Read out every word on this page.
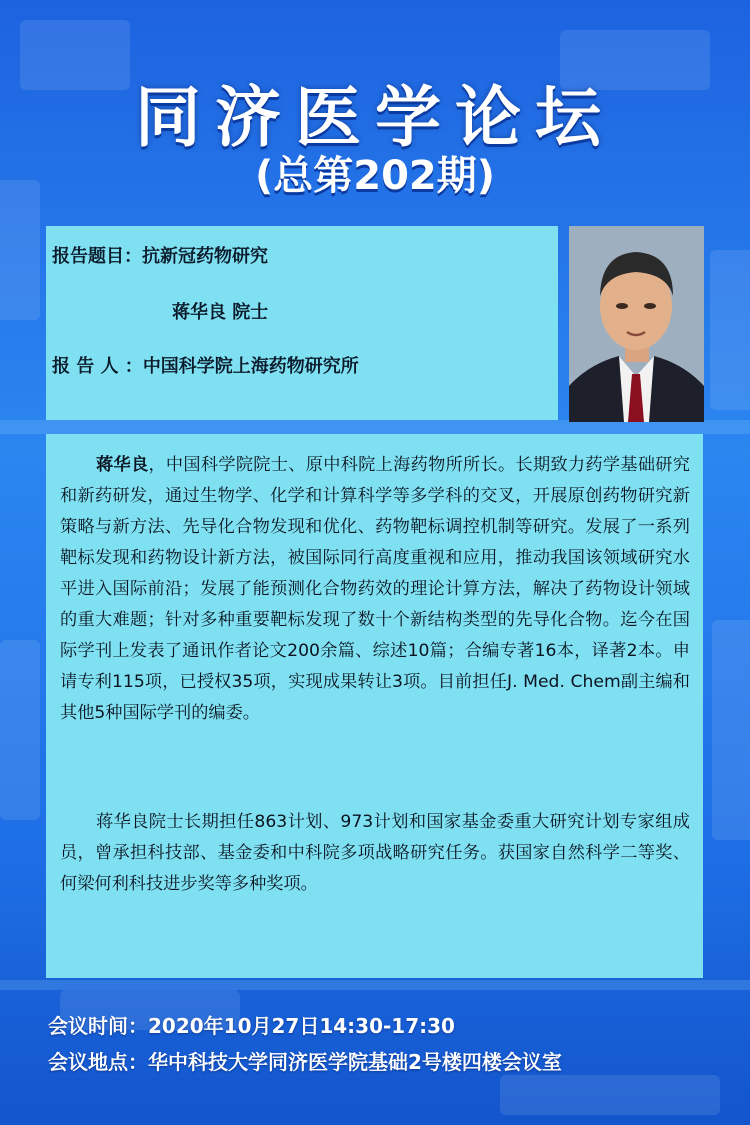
同济医学论坛
(总第202期)
报告题目：抗新冠药物研究
蒋华良 院士
报 告 人 ：中国科学院上海药物研究所

蒋华良，中国科学院院士、原中科院上海药物所所长。长期致力药学基础研究和新药研发，通过生物学、化学和计算科学等多学科的交叉，开展原创药物研究新策略与新方法、先导化合物发现和优化、药物靶标调控机制等研究。发展了一系列靶标发现和药物设计新方法，被国际同行高度重视和应用，推动我国该领域研究水平进入国际前沿；发展了能预测化合物药效的理论计算方法，解决了药物设计领域的重大难题；针对多种重要靶标发现了数十个新结构类型的先导化合物。迄今在国际学刊上发表了通讯作者论文200余篇、综述10篇；合编专著16本，译著2本。申请专利115项，已授权35项，实现成果转让3项。目前担任J. Med. Chem副主编和其他5种国际学刊的编委。

蒋华良院士长期担任863计划、973计划和国家基金委重大研究计划专家组成员，曾承担科技部、基金委和中科院多项战略研究任务。获国家自然科学二等奖、何梁何利科技进步奖等多种奖项。

会议时间：2020年10月27日14:30-17:30
会议地点：华中科技大学同济医学院基础2号楼四楼会议室
